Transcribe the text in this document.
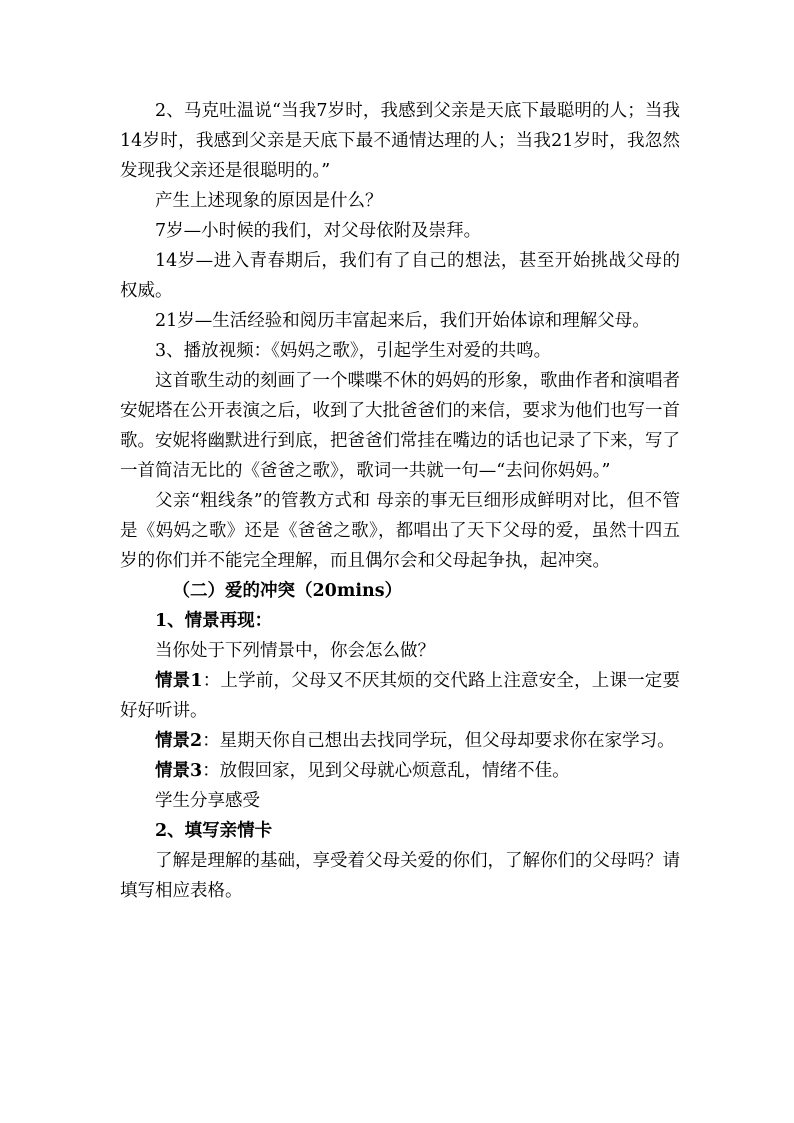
2、马克吐温说“当我7岁时，我感到父亲是天底下最聪明的人；当我14岁时，我感到父亲是天底下最不通情达理的人；当我21岁时，我忽然发现我父亲还是很聪明的。”

产生上述现象的原因是什么？

7岁—小时候的我们，对父母依附及崇拜。

14岁—进入青春期后，我们有了自己的想法，甚至开始挑战父母的权威。

21岁—生活经验和阅历丰富起来后，我们开始体谅和理解父母。

3、播放视频：《妈妈之歌》，引起学生对爱的共鸣。

这首歌生动的刻画了一个喋喋不休的妈妈的形象，歌曲作者和演唱者安妮塔在公开表演之后，收到了大批爸爸们的来信，要求为他们也写一首歌。安妮将幽默进行到底，把爸爸们常挂在嘴边的话也记录了下来，写了一首简洁无比的《爸爸之歌》，歌词一共就一句—“去问你妈妈。”

父亲“粗线条”的管教方式和 母亲的事无巨细形成鲜明对比，但不管是《妈妈之歌》还是《爸爸之歌》，都唱出了天下父母的爱，虽然十四五岁的你们并不能完全理解，而且偶尔会和父母起争执，起冲突。

（二）爱的冲突（20mins）

1、情景再现：

当你处于下列情景中，你会怎么做？

情景1：上学前，父母又不厌其烦的交代路上注意安全，上课一定要好好听讲。

情景2：星期天你自己想出去找同学玩，但父母却要求你在家学习。

情景3：放假回家，见到父母就心烦意乱，情绪不佳。

学生分享感受

2、填写亲情卡

了解是理解的基础，享受着父母关爱的你们，了解你们的父母吗？请填写相应表格。
